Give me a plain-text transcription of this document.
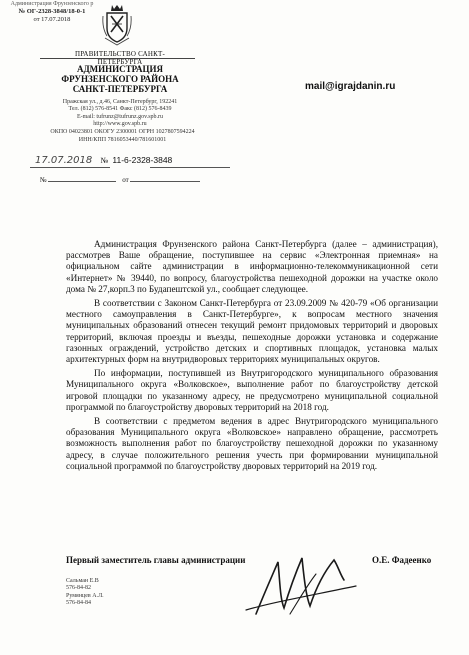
Администрация Фрунзенского р
№ ОГ-2328-3848/18-0-1
от 17.07.2018
ПРАВИТЕЛЬСТВО САНКТ-ПЕТЕРБУРГА
АДМИНИСТРАЦИЯ
ФРУНЗЕНСКОГО РАЙОНА
САНКТ-ПЕТЕРБУРГА
Пражская ул., д.46, Санкт-Петербург, 192241
Тел. (812) 576-8541 Факс (812) 576-8439
E-mail: tufrunz@tufrunz.gov.spb.ru
http://www.gov.spb.ru
ОКПО 04023801 ОКОГУ 2300001 ОГРН 1027807594224
ИНН/КПП 7816053440/781601001
mail@igrajdanin.ru
17.07.2018 № 11-6-2328-3848
№	от

Администрация Фрунзенского района Санкт-Петербурга (далее – администрация), рассмотрев Ваше обращение, поступившее на сервис «Электронная приемная» на официальном сайте администрации в информационно-телекоммуникационной сети «Интернет» № 39440, по вопросу, благоустройства пешеходной дорожки на участке около дома № 27,корп.3 по Будапештской ул., сообщает следующее.

В соответствии с Законом Санкт-Петербурга от 23.09.2009 № 420-79 «Об организации местного самоуправления в Санкт-Петербурге», к вопросам местного значения муниципальных образований отнесен текущий ремонт придомовых территорий и дворовых территорий, включая проезды и въезды, пешеходные дорожки установка и содержание газонных ограждений, устройство детских и спортивных площадок, установка малых архитектурных форм на внутридворовых территориях муниципальных округов.

По информации, поступившей из Внутригородского муниципального образования Муниципального округа «Волковское», выполнение работ по благоустройству детской игровой площадки по указанному адресу, не предусмотрено муниципальной социальной программой по благоустройству дворовых территорий на 2018 год.

В соответствии с предметом ведения в адрес Внутригородского муниципального образования Муниципального округа «Волковское» направлено обращение, рассмотреть возможность выполнения работ по благоустройству пешеходной дорожки по указанному адресу, в случае положительного решения учесть при формировании муниципальной социальной программой по благоустройству дворовых территорий на 2019 год.

Первый заместитель главы администрации	О.Е. Фадеенко
Сальман Е.В
576-84-82
Румянцев А.Л.
576-84-84
